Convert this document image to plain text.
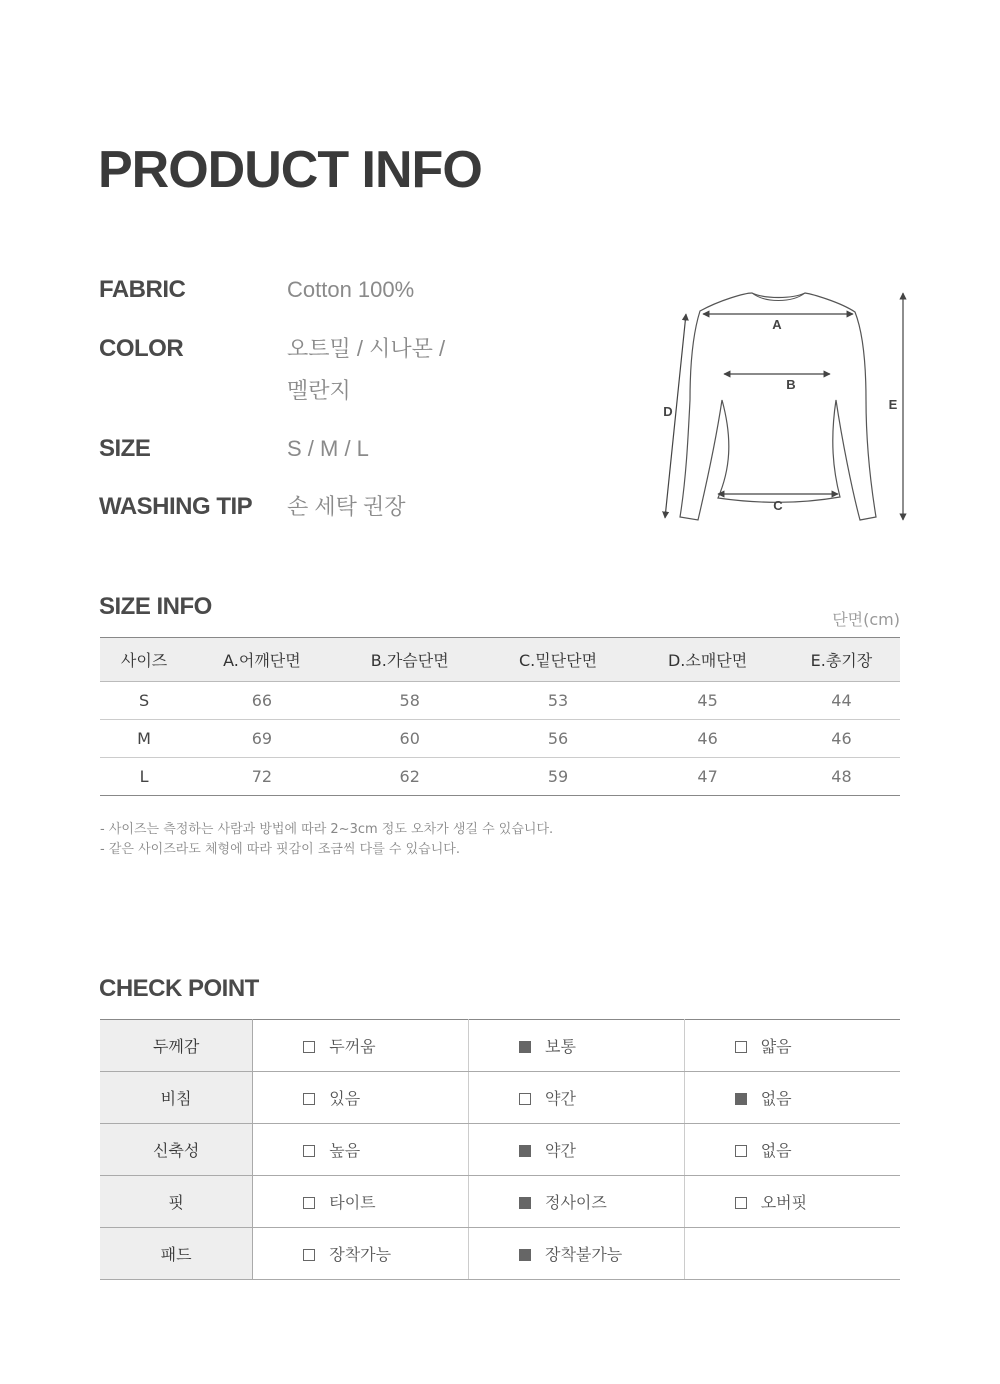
PRODUCT INFO
FABRIC	Cotton 100%
COLOR	오트밀 / 시나몬 /
멜란지
SIZE	S / M / L
WASHING TIP 손 세탁 권장
A
B
C
D	E
SIZE INFO	단면(cm)
사이즈	A.어깨단면	B.가슴단면	C.밑단단면	D.소매단면	E.총기장
S	66	58	53	45	44
M	69	60	56	46	46
L	72	62	59	47	48
- 사이즈는 측정하는 사람과 방법에 따라 2~3cm 정도 오차가 생길 수 있습니다.
- 같은 사이즈라도 체형에 따라 핏감이 조금씩 다를 수 있습니다.
CHECK POINT
두께감	두꺼움	보통	얇음
비침	있음	약간	없음
신축성	높음	약간	없음
핏	타이트	정사이즈	오버핏
패드	장착가능	장착불가능	
